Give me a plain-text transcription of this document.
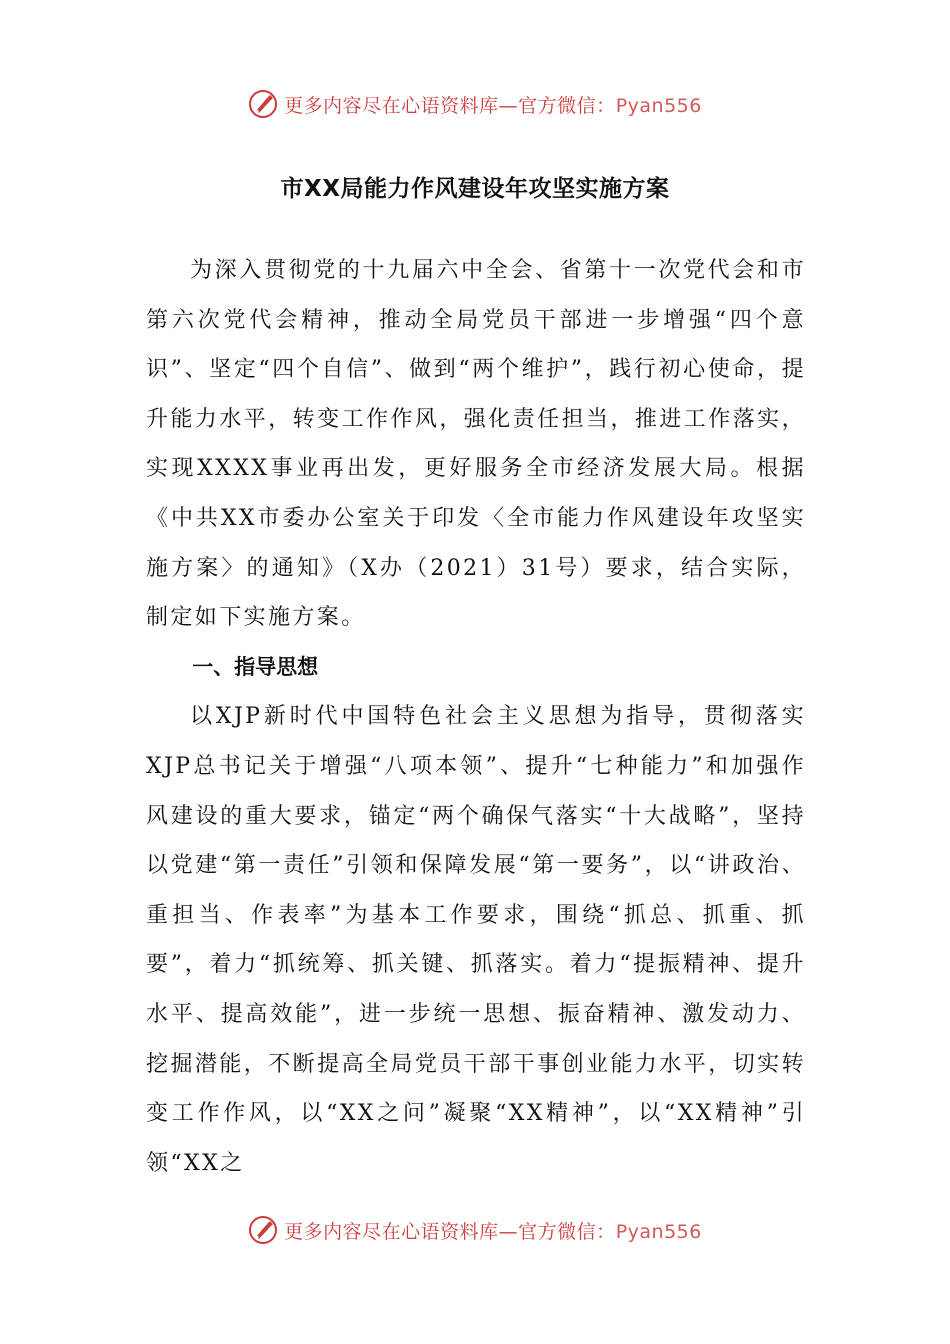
更多内容尽在心语资料库—官方微信：Pyan556
市XX局能力作风建设年攻坚实施方案

为深入贯彻党的十九届六中全会、省第十一次党代会和市第六次党代会精神，推动全局党员干部进一步增强“四个意识”、坚定“四个自信”、做到“两个维护”，践行初心使命，提升能力水平，转变工作作风，强化责任担当，推进工作落实，实现XXXX事业再出发，更好服务全市经济发展大局。根据《中共XX市委办公室关于印发〈全市能力作风建设年攻坚实施方案〉的通知》（X办（2021）31号）要求，结合实际，制定如下实施方案。

一、指导思想

以XJP新时代中国特色社会主义思想为指导，贯彻落实XJP总书记关于增强“八项本领”、提升“七种能力”和加强作风建设的重大要求，锚定“两个确保气落实“十大战略”，坚持以党建“第一责任”引领和保障发展“第一要务”，以“讲政治、重担当、作表率”为基本工作要求，围绕“抓总、抓重、抓要”，着力“抓统筹、抓关键、抓落实。着力“提振精神、提升水平、提高效能”，进一步统一思想、振奋精神、激发动力、挖掘潜能，不断提高全局党员干部干事创业能力水平，切实转变工作作风，以“XX之问”凝聚“XX精神”，以“XX精神”引领“XX之

更多内容尽在心语资料库—官方微信：Pyan556
